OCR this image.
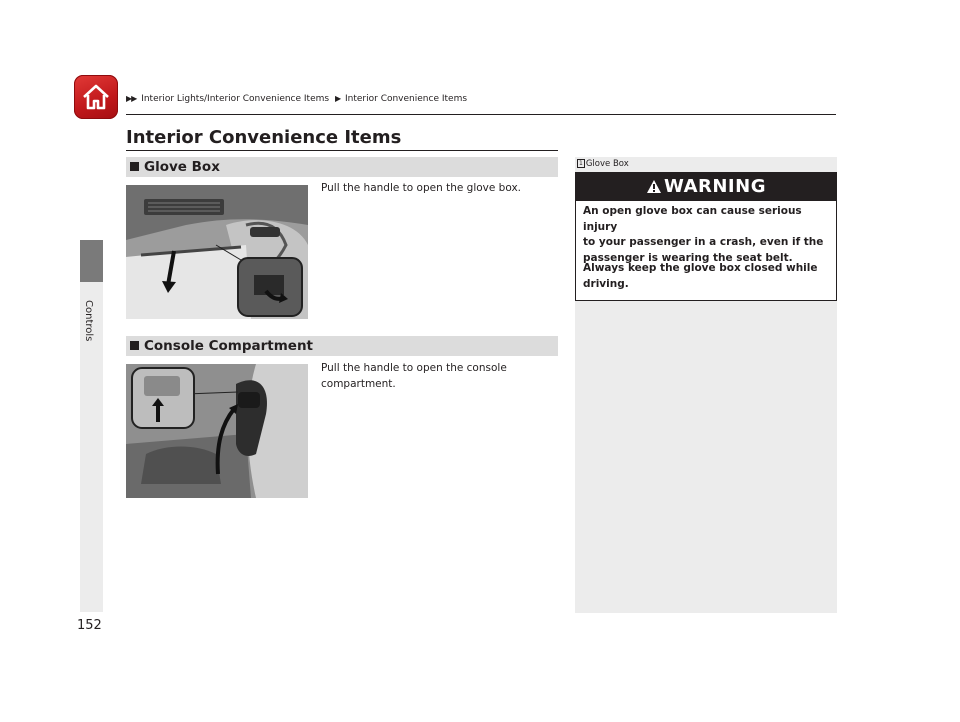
▶▶ Interior Lights/Interior Convenience Items ▶ Interior Convenience Items
Controls
152
Interior Convenience Items
Glove Box
Pull the handle to open the glove box.
Console Compartment
Pull the handle to open the console
compartment.
1 Glove Box
WARNING
An open glove box can cause serious injury
to your passenger in a crash, even if the
passenger is wearing the seat belt.
Always keep the glove box closed while
driving.
